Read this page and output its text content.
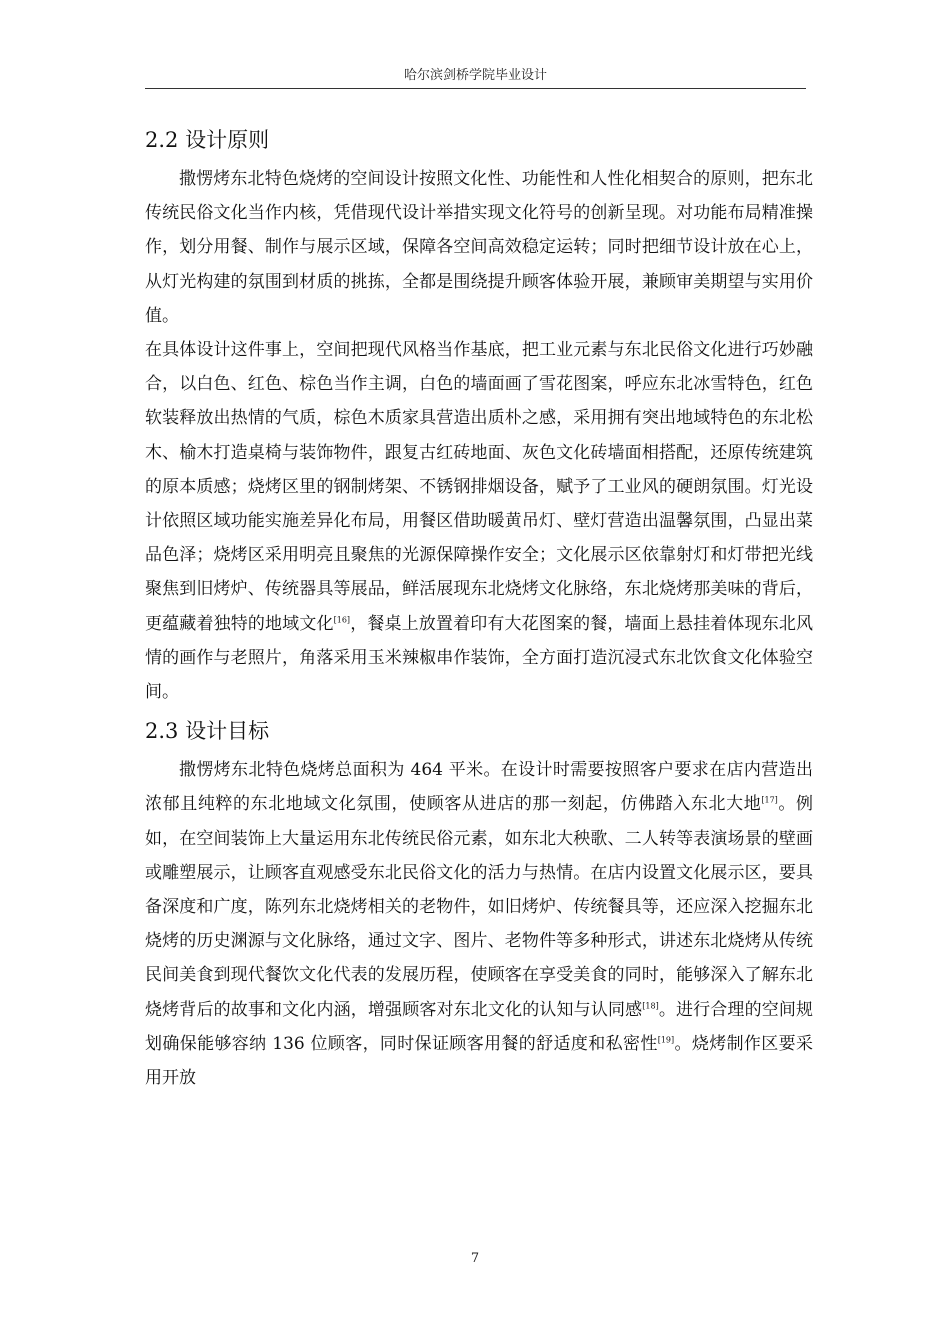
哈尔滨剑桥学院毕业设计
2.2 设计原则

撒愣烤东北特色烧烤的空间设计按照文化性、功能性和人性化相契合的原则，把东北传统民俗文化当作内核，凭借现代设计举措实现文化符号的创新呈现。对功能布局精准操作，划分用餐、制作与展示区域，保障各空间高效稳定运转；同时把细节设计放在心上，从灯光构建的氛围到材质的挑拣，全都是围绕提升顾客体验开展，兼顾审美期望与实用价值。

在具体设计这件事上，空间把现代风格当作基底，把工业元素与东北民俗文化进行巧妙融合，以白色、红色、棕色当作主调，白色的墙面画了雪花图案，呼应东北冰雪特色，红色软装释放出热情的气质，棕色木质家具营造出质朴之感，采用拥有突出地域特色的东北松木、榆木打造桌椅与装饰物件，跟复古红砖地面、灰色文化砖墙面相搭配，还原传统建筑的原本质感；烧烤区里的钢制烤架、不锈钢排烟设备，赋予了工业风的硬朗氛围。灯光设计依照区域功能实施差异化布局，用餐区借助暖黄吊灯、壁灯营造出温馨氛围，凸显出菜品色泽；烧烤区采用明亮且聚焦的光源保障操作安全；文化展示区依靠射灯和灯带把光线聚焦到旧烤炉、传统器具等展品，鲜活展现东北烧烤文化脉络，东北烧烤那美味的背后，更蕴藏着独特的地域文化[16]，餐桌上放置着印有大花图案的餐，墙面上悬挂着体现东北风情的画作与老照片，角落采用玉米辣椒串作装饰，全方面打造沉浸式东北饮食文化体验空间。

2.3 设计目标

撒愣烤东北特色烧烤总面积为 464 平米。在设计时需要按照客户要求在店内营造出浓郁且纯粹的东北地域文化氛围，使顾客从进店的那一刻起，仿佛踏入东北大地[17]。例如，在空间装饰上大量运用东北传统民俗元素，如东北大秧歌、二人转等表演场景的壁画或雕塑展示，让顾客直观感受东北民俗文化的活力与热情。在店内设置文化展示区，要具备深度和广度，陈列东北烧烤相关的老物件，如旧烤炉、传统餐具等，还应深入挖掘东北烧烤的历史渊源与文化脉络，通过文字、图片、老物件等多种形式，讲述东北烧烤从传统民间美食到现代餐饮文化代表的发展历程，使顾客在享受美食的同时，能够深入了解东北烧烤背后的故事和文化内涵，增强顾客对东北文化的认知与认同感[18]。进行合理的空间规划确保能够容纳 136 位顾客，同时保证顾客用餐的舒适度和私密性[19]。烧烤制作区要采用开放

7
